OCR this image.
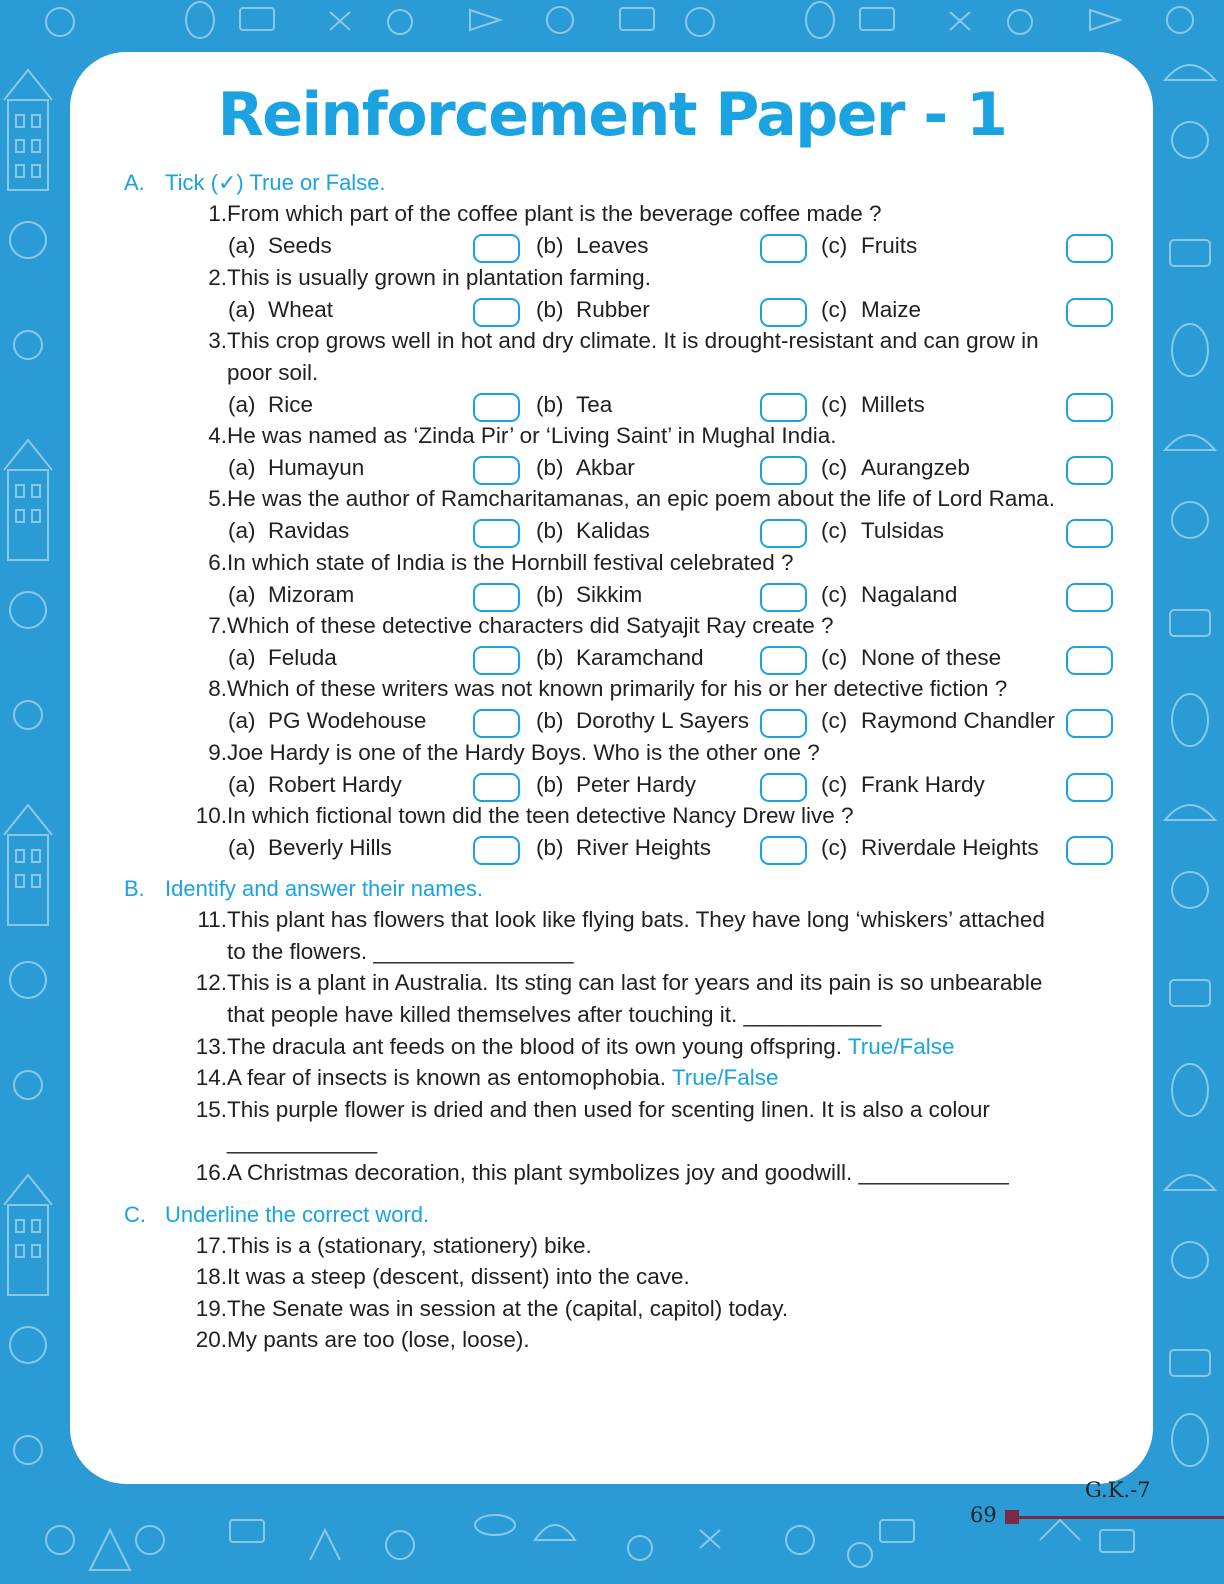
Reinforcement Paper - 1
A. Tick (✓) True or False.
1. From which part of the coffee plant is the beverage coffee made ?
(a) Seeds	(b) Leaves	(c) Fruits
2. This is usually grown in plantation farming.
(a) Wheat	(b) Rubber	(c) Maize
3. This crop grows well in hot and dry climate. It is drought-resistant and can grow in
poor soil.
(a) Rice	(b) Tea	(c) Millets
4. He was named as ‘Zinda Pir’ or ‘Living Saint’ in Mughal India.
(a) Humayun	(b) Akbar	(c) Aurangzeb
5. He was the author of Ramcharitamanas, an epic poem about the life of Lord Rama.
(a) Ravidas	(b) Kalidas	(c) Tulsidas
6. In which state of India is the Hornbill festival celebrated ?
(a) Mizoram	(b) Sikkim	(c) Nagaland
7. Which of these detective characters did Satyajit Ray create ?
(a) Feluda	(b) Karamchand	(c) None of these
8. Which of these writers was not known primarily for his or her detective fiction ?
(a) PG Wodehouse	(b) Dorothy L Sayers	(c) Raymond Chandler
9. Joe Hardy is one of the Hardy Boys. Who is the other one ?
(a) Robert Hardy	(b) Peter Hardy	(c) Frank Hardy
10. In which fictional town did the teen detective Nancy Drew live ?
(a) Beverly Hills	(b) River Heights	(c) Riverdale Heights
B. Identify and answer their names.
11. This plant has flowers that look like flying bats. They have long ‘whiskers’ attached
to the flowers. ________________
12. This is a plant in Australia. Its sting can last for years and its pain is so unbearable
that people have killed themselves after touching it. ___________
13. The dracula ant feeds on the blood of its own young offspring. True/False
14. A fear of insects is known as entomophobia. True/False
15. This purple flower is dried and then used for scenting linen. It is also a colour
____________
16. A Christmas decoration, this plant symbolizes joy and goodwill. ____________
C. Underline the correct word.
17. This is a (stationary, stationery) bike.
18. It was a steep (descent, dissent) into the cave.
19. The Senate was in session at the (capital, capitol) today.
20. My pants are too (lose, loose).
G.K.-7
69
